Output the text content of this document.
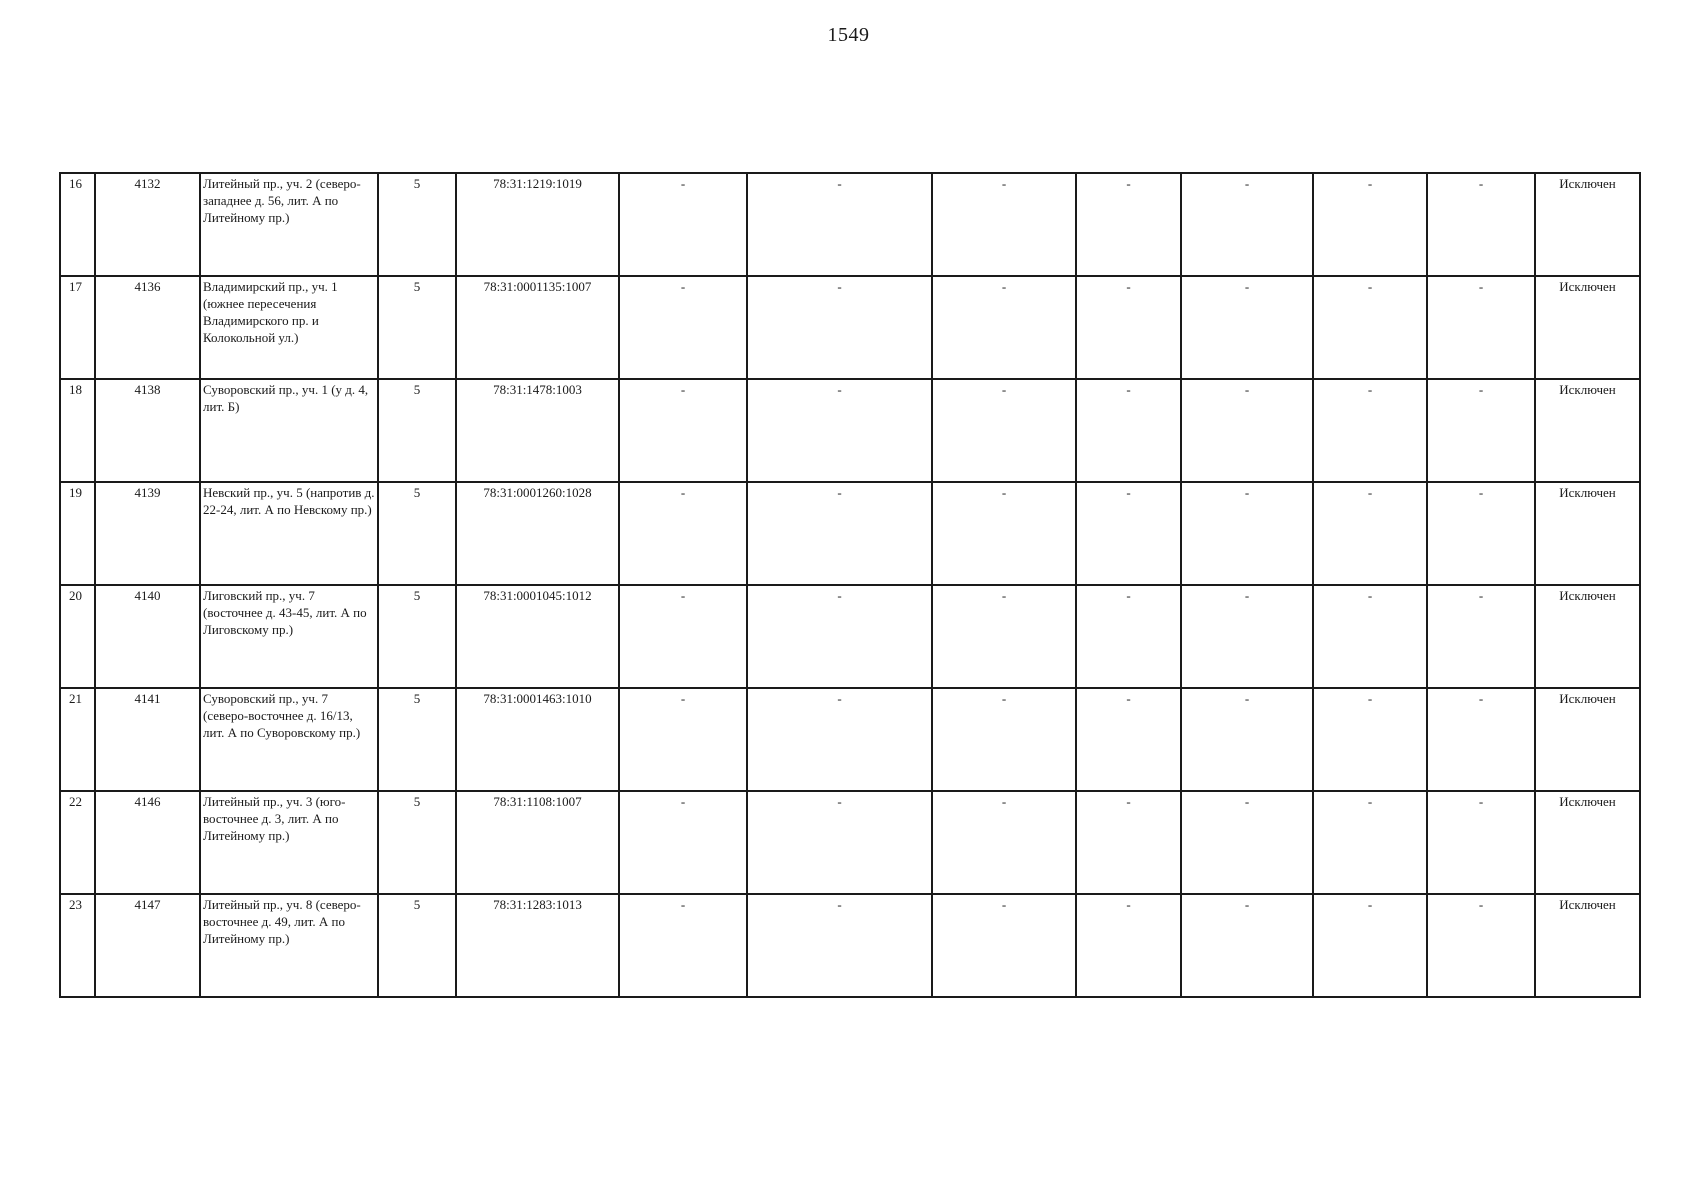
1549
16	4132	Литейный пр., уч. 2 (северо-западнее д. 56, лит. А по Литейному пр.)	5	78:31:1219:1019	-	-	-	-	-	-	-	Исключен
17	4136	Владимирский пр., уч. 1 (южнее пересечения Владимирского пр. и Колокольной ул.)	5	78:31:0001135:1007	-	-	-	-	-	-	-	Исключен
18	4138	Суворовский пр., уч. 1 (у д. 4, лит. Б)	5	78:31:1478:1003	-	-	-	-	-	-	-	Исключен
19	4139	Невский пр., уч. 5 (напротив д. 22-24, лит. А по Невскому пр.)	5	78:31:0001260:1028	-	-	-	-	-	-	-	Исключен
20	4140	Лиговский пр., уч. 7 (восточнее д. 43-45, лит. А по Лиговскому пр.)	5	78:31:0001045:1012	-	-	-	-	-	-	-	Исключен
21	4141	Суворовский пр., уч. 7 (северо-восточнее д. 16/13, лит. А по Суворовскому пр.)	5	78:31:0001463:1010	-	-	-	-	-	-	-	Исключен
22	4146	Литейный пр., уч. 3 (юго-восточнее д. 3, лит. А по Литейному пр.)	5	78:31:1108:1007	-	-	-	-	-	-	-	Исключен
23	4147	Литейный пр., уч. 8 (северо-восточнее д. 49, лит. А по Литейному пр.)	5	78:31:1283:1013	-	-	-	-	-	-	-	Исключен
